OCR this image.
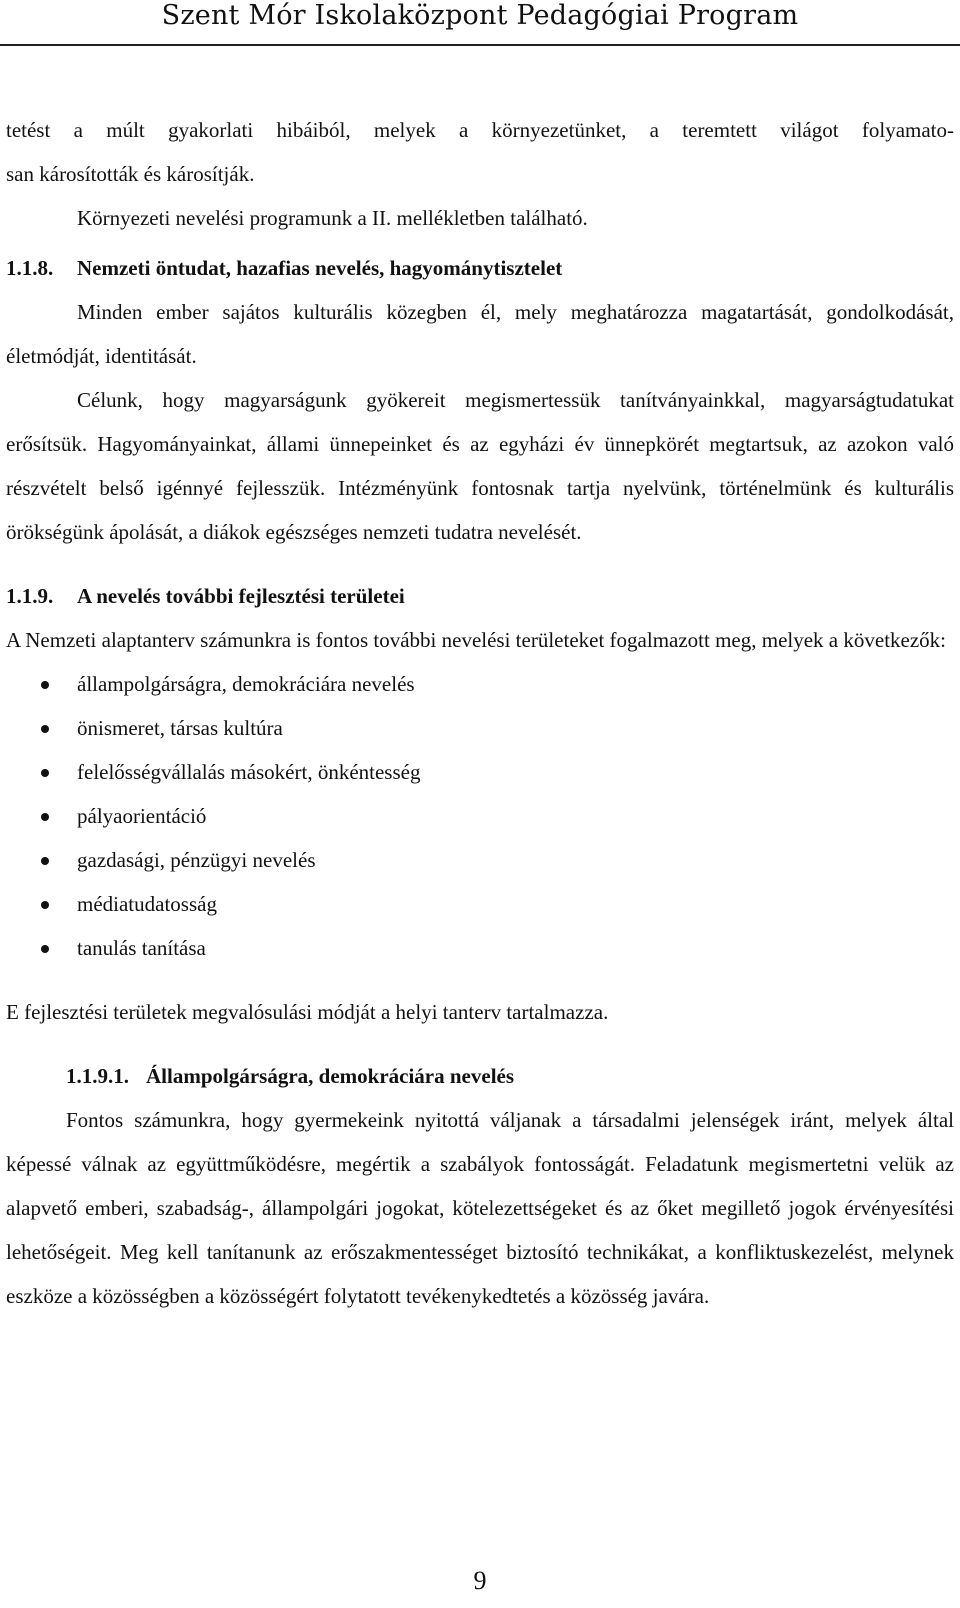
Szent Mór Iskolaközpont Pedagógiai Program

tetést a múlt gyakorlati hibáiból, melyek a környezetünket, a teremtett világot folyamato-

san károsították és károsítják.

Környezeti nevelési programunk a II. mellékletben található.

1.1.8. Nemzeti öntudat, hazafias nevelés, hagyománytisztelet

Minden ember sajátos kulturális közegben él, mely meghatározza magatartását, gondolkodását, életmódját, identitását.

Célunk, hogy magyarságunk gyökereit megismertessük tanítványainkkal, magyarságtudatukat erősítsük. Hagyományainkat, állami ünnepeinket és az egyházi év ünnepkörét megtartsuk, az azokon való részvételt belső igénnyé fejlesszük. Intézményünk fontosnak tartja nyelvünk, történelmünk és kulturális örökségünk ápolását, a diákok egészséges nemzeti tudatra nevelését.

1.1.9. A nevelés további fejlesztési területei

A Nemzeti alaptanterv számunkra is fontos további nevelési területeket fogalmazott meg, melyek a következők:

állampolgárságra, demokráciára nevelés
önismeret, társas kultúra
felelősségvállalás másokért, önkéntesség
pályaorientáció
gazdasági, pénzügyi nevelés
médiatudatosság
tanulás tanítása

E fejlesztési területek megvalósulási módját a helyi tanterv tartalmazza.

1.1.9.1. Állampolgárságra, demokráciára nevelés

Fontos számunkra, hogy gyermekeink nyitottá váljanak a társadalmi jelenségek iránt, melyek által képessé válnak az együttműködésre, megértik a szabályok fontosságát. Feladatunk megismertetni velük az alapvető emberi, szabadság-, állampolgári jogokat, kötelezettségeket és az őket megillető jogok érvényesítési lehetőségeit. Meg kell tanítanunk az erőszakmentességet biztosító technikákat, a konfliktuskezelést, melynek eszköze a közösségben a közösségért folytatott tevékenykedtetés a közösség javára.

9
